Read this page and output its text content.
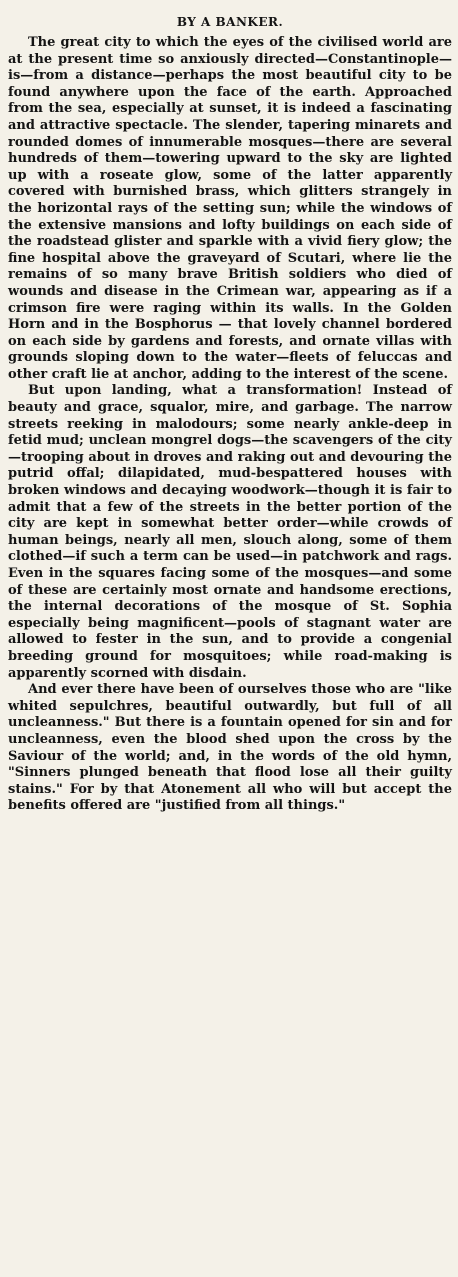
BY A BANKER.

The great city to which the eyes of the civilised world are at the present time so anxiously directed—Constantinople—is—from a distance—perhaps the most beautiful city to be found anywhere upon the face of the earth. Approached from the sea, especially at sunset, it is indeed a fascinating and attractive spectacle. The slender, tapering minarets and rounded domes of innumerable mosques—there are several hundreds of them—towering upward to the sky are lighted up with a roseate glow, some of the latter apparently covered with burnished brass, which glitters strangely in the horizontal rays of the setting sun; while the windows of the extensive mansions and lofty buildings on each side of the roadstead glister and sparkle with a vivid fiery glow; the fine hospital above the graveyard of Scutari, where lie the remains of so many brave British soldiers who died of wounds and disease in the Crimean war, appearing as if a crimson fire were raging within its walls. In the Golden Horn and in the Bosphorus — that lovely channel bordered on each side by gardens and forests, and ornate villas with grounds sloping down to the water—fleets of feluccas and other craft lie at anchor, adding to the interest of the scene.

But upon landing, what a transformation! Instead of beauty and grace, squalor, mire, and garbage. The narrow streets reeking in malodours; some nearly ankle-deep in fetid mud; unclean mongrel dogs—the scavengers of the city—trooping about in droves and raking out and devouring the putrid offal; dilapidated, mud-bespattered houses with broken windows and decaying woodwork—though it is fair to admit that a few of the streets in the better portion of the city are kept in somewhat better order—while crowds of human beings, nearly all men, slouch along, some of them clothed—if such a term can be used—in patchwork and rags. Even in the squares facing some of the mosques—and some of these are certainly most ornate and handsome erections, the internal decorations of the mosque of St. Sophia especially being magnificent—pools of stagnant water are allowed to fester in the sun, and to provide a congenial breeding ground for mosquitoes; while road-making is apparently scorned with disdain.

And ever there have been of ourselves those who are "like whited sepulchres, beautiful outwardly, but full of all uncleanness." But there is a fountain opened for sin and for uncleanness, even the blood shed upon the cross by the Saviour of the world; and, in the words of the old hymn, "Sinners plunged beneath that flood lose all their guilty stains." For by that Atonement all who will but accept the benefits offered are "justified from all things."
